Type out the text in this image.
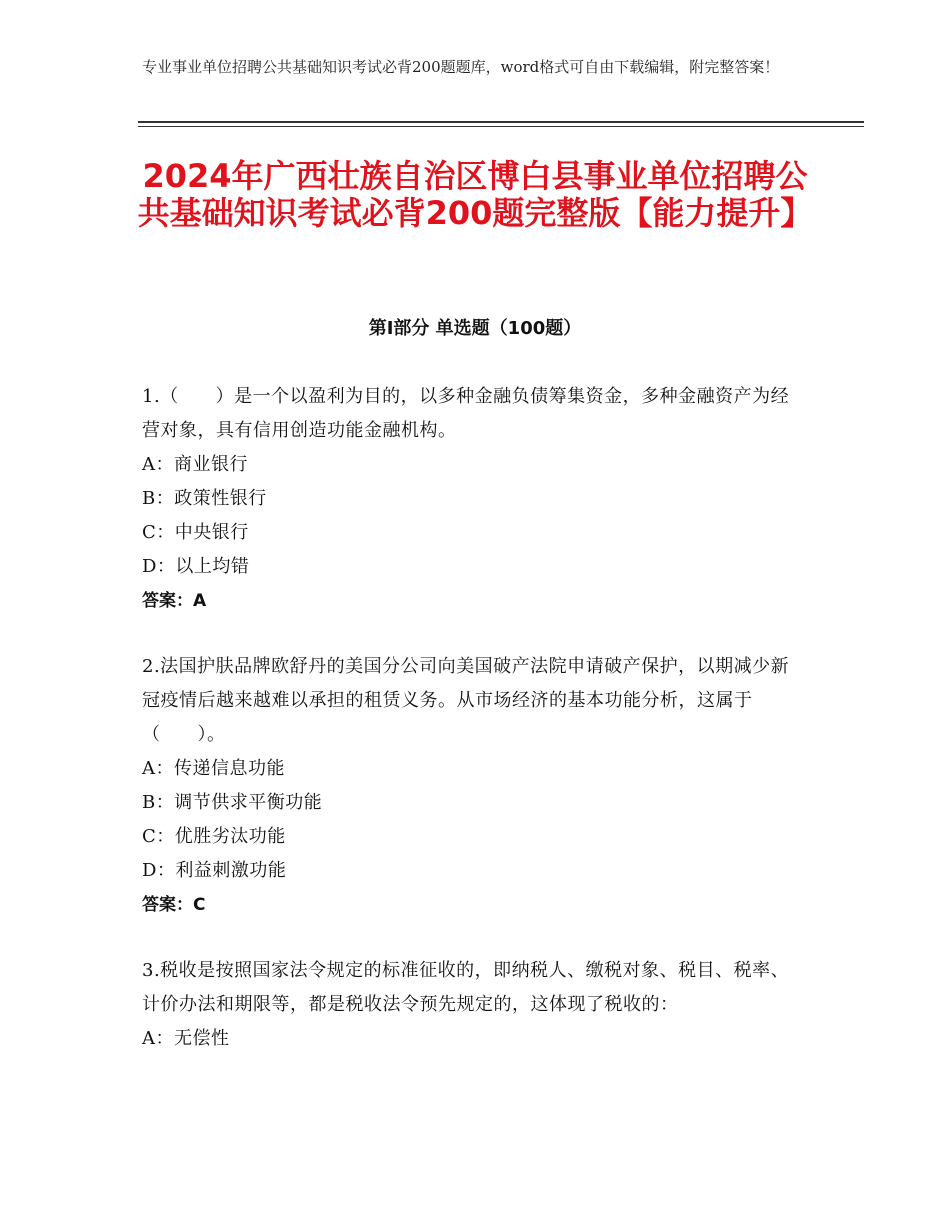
专业事业单位招聘公共基础知识考试必背200题题库，word格式可自由下载编辑，附完整答案！
2024年广西壮族自治区博白县事业单位招聘公共基础知识考试必背200题完整版【能力提升】
第I部分 单选题（100题）
1.（　　）是一个以盈利为目的，以多种金融负债筹集资金，多种金融资产为经营对象，具有信用创造功能金融机构。
A：商业银行
B：政策性银行
C：中央银行
D：以上均错
答案：A
2.法国护肤品牌欧舒丹的美国分公司向美国破产法院申请破产保护，以期减少新冠疫情后越来越难以承担的租赁义务。从市场经济的基本功能分析，这属于（　　）。
A：传递信息功能
B：调节供求平衡功能
C：优胜劣汰功能
D：利益刺激功能
答案：C
3.税收是按照国家法令规定的标准征收的，即纳税人、缴税对象、税目、税率、计价办法和期限等，都是税收法令预先规定的，这体现了税收的：
A：无偿性
